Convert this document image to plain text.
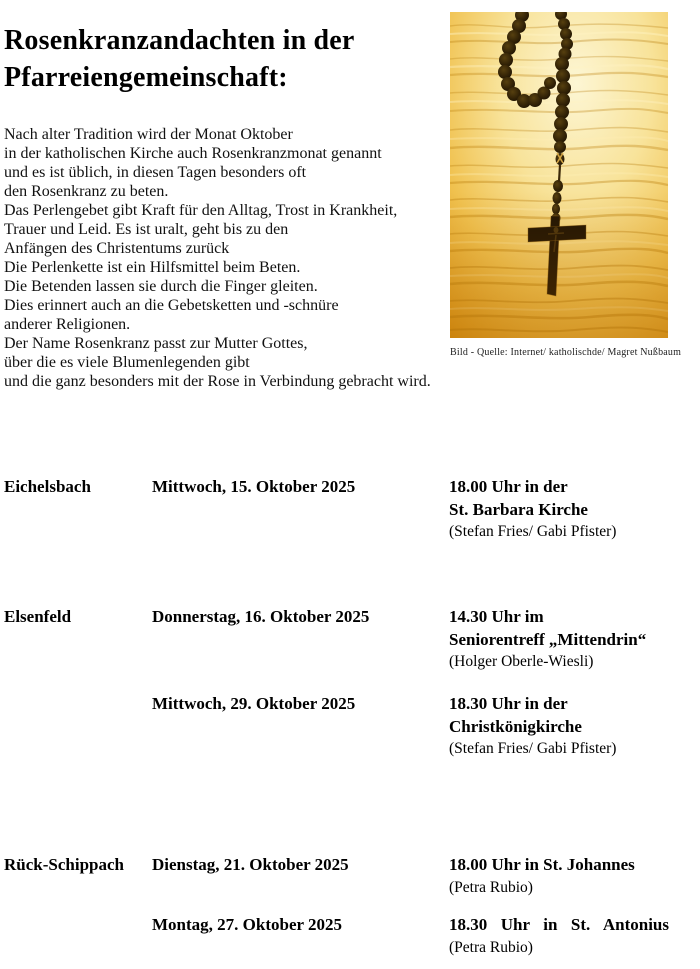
Rosenkranzandachten in der
Pfarreiengemeinschaft:
Bild - Quelle: Internet/ katholischde/ Magret Nußbaum
Nach alter Tradition wird der Monat Oktober
in der katholischen Kirche auch Rosenkranzmonat genannt
und es ist üblich, in diesen Tagen besonders oft
den Rosenkranz zu beten.
Das Perlengebet gibt Kraft für den Alltag, Trost in Krankheit,
Trauer und Leid. Es ist uralt, geht bis zu den
Anfängen des Christentums zurück
Die Perlenkette ist ein Hilfsmittel beim Beten.
Die Betenden lassen sie durch die Finger gleiten.
Dies erinnert auch an die Gebetsketten und -schnüre
anderer Religionen.
Der Name Rosenkranz passt zur Mutter Gottes,
über die es viele Blumenlegenden gibt
und die ganz besonders mit der Rose in Verbindung gebracht wird.
Eichelsbach	Mittwoch, 15. Oktober 2025	18.00 Uhr in der
St. Barbara Kirche
(Stefan Fries/ Gabi Pfister)
Elsenfeld	Donnerstag, 16. Oktober 2025	14.30 Uhr im
Seniorentreff „Mittendrin“
(Holger Oberle-Wiesli)
Mittwoch, 29. Oktober 2025	18.30 Uhr in der
Christkönigkirche
(Stefan Fries/ Gabi Pfister)
Rück-Schippach	Dienstag, 21. Oktober 2025	18.00 Uhr in St. Johannes
(Petra Rubio)
Montag, 27. Oktober 2025	18.30 Uhr in St. Antonius
(Petra Rubio)
